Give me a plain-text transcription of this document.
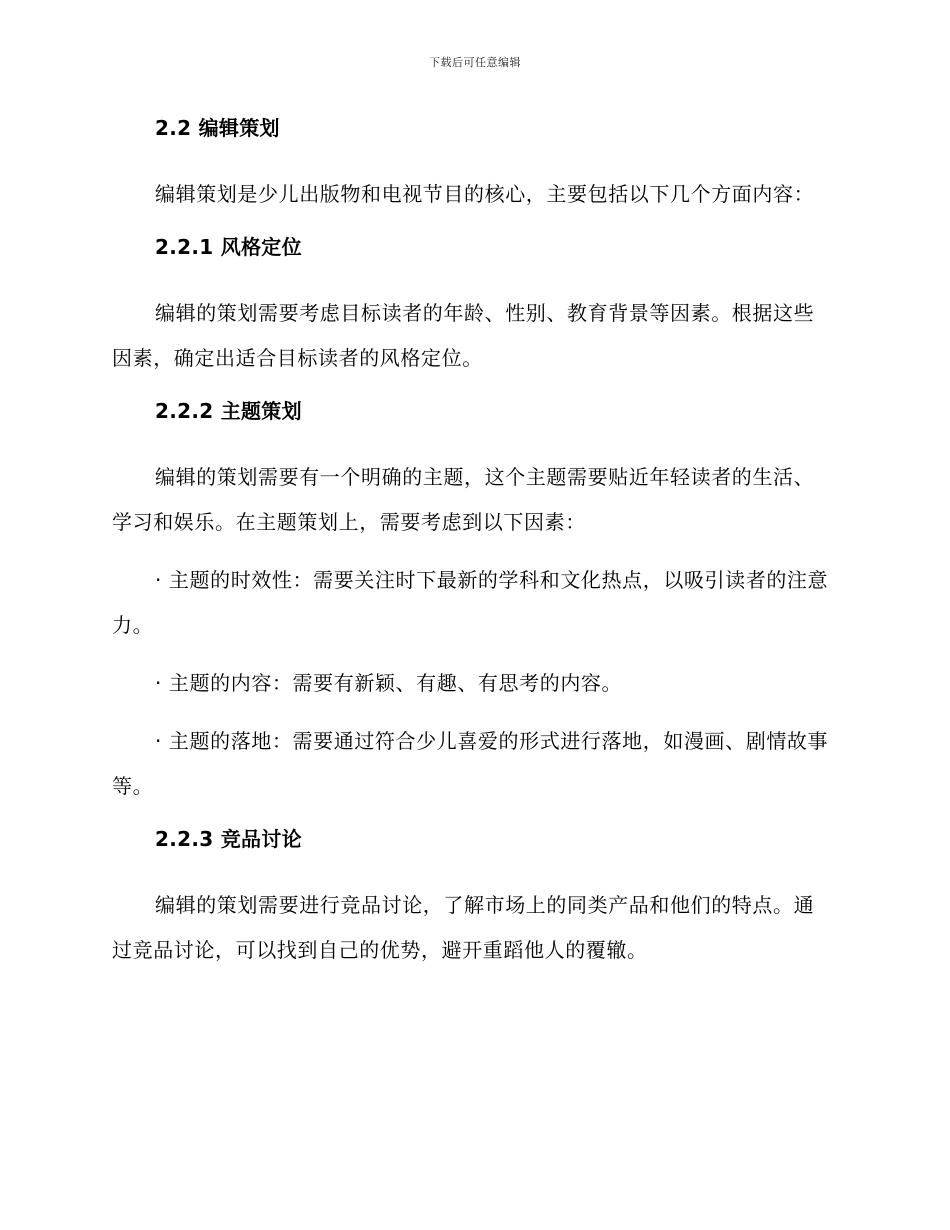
下载后可任意编辑
2.2 编辑策划

编辑策划是少儿出版物和电视节目的核心，主要包括以下几个方面内容：

2.2.1 风格定位

编辑的策划需要考虑目标读者的年龄、性别、教育背景等因素。根据这些因素，确定出适合目标读者的风格定位。

2.2.2 主题策划

编辑的策划需要有一个明确的主题，这个主题需要贴近年轻读者的生活、学习和娱乐。在主题策划上，需要考虑到以下因素：

· 主题的时效性：需要关注时下最新的学科和文化热点，以吸引读者的注意力。

· 主题的内容：需要有新颖、有趣、有思考的内容。

· 主题的落地：需要通过符合少儿喜爱的形式进行落地，如漫画、剧情故事等。

2.2.3 竞品讨论

编辑的策划需要进行竞品讨论，了解市场上的同类产品和他们的特点。通过竞品讨论，可以找到自己的优势，避开重蹈他人的覆辙。
